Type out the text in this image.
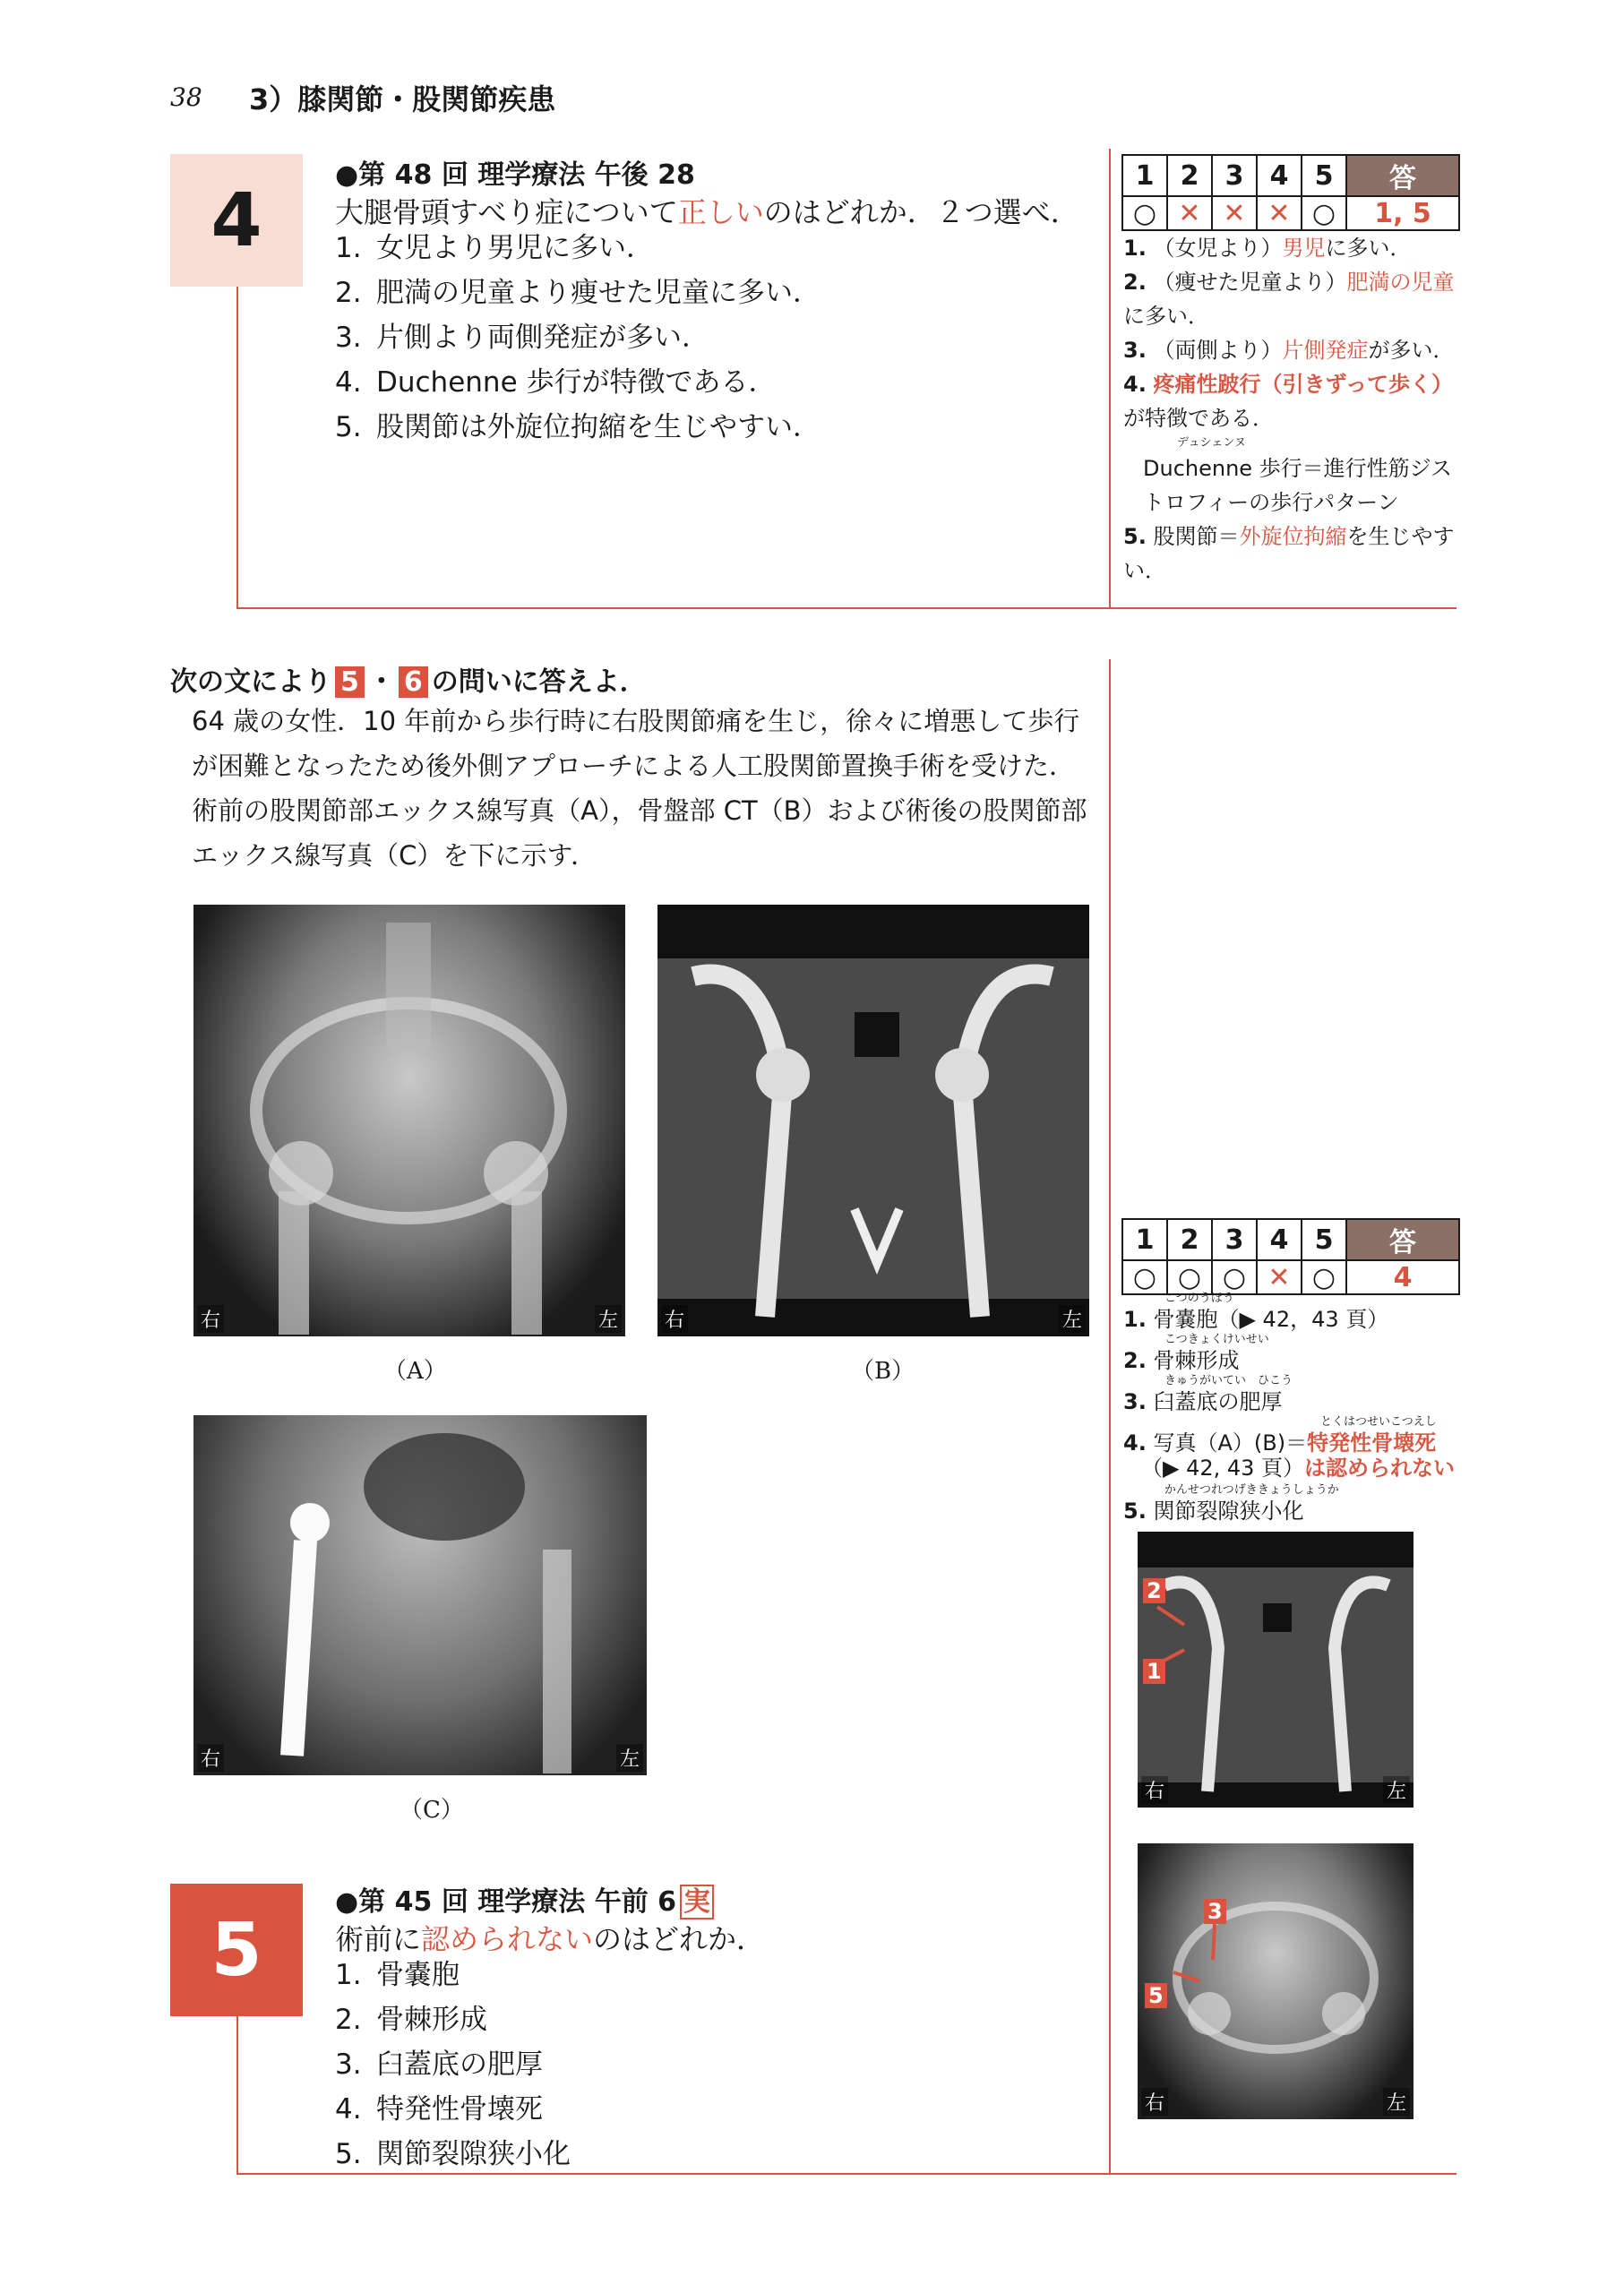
38 3）膝関節・股関節疾患
4
●第 48 回 理学療法 午後 28
大腿骨頭すべり症について正しいのはどれか．２つ選べ．
1. 女児より男児に多い．
2. 肥満の児童より痩せた児童に多い．
3. 片側より両側発症が多い．
4. Duchenne 歩行が特徴である．
5. 股関節は外旋位拘縮を生じやすい．
1	2	3	4	5	答
○	✕	✕	✕	○	1, 5
1. （女児より）男児に多い．
2. （痩せた児童より）肥満の児童に多い．
3. （両側より）片側発症が多い．
4. 疼痛性跛行（引きずって歩く）が特徴である．
デュシェンヌ
Duchenne 歩行＝進行性筋ジストロフィーの歩行パターン
5. 股関節＝外旋位拘縮を生じやすい．
次の文により 5 ・ 6 の問いに答えよ．
64 歳の女性．10 年前から歩行時に右股関節痛を生じ，徐々に増悪して歩行が困難となったため後外側アプローチによる人工股関節置換手術を受けた．術前の股関節部エックス線写真（A），骨盤部 CT（B）および術後の股関節部エックス線写真（C）を下に示す．
右	左
（A）
右	左
（B）
右	左
（C）
5
●第 45 回 理学療法 午前 6 実
術前に認められないのはどれか．
1. 骨嚢胞
2. 骨棘形成
3. 臼蓋底の肥厚
4. 特発性骨壊死
5. 関節裂隙狭小化
1	2	3	4	5	答
○	○	○	✕	○	4
こつのうほう
1. 骨嚢胞（▶ 42，43 頁）
こつきょくけいせい
2. 骨棘形成
きゅうがいてい　ひこう
3. 臼蓋底の肥厚
とくはつせいこつえし
4. 写真（A）(B)＝特発性骨壊死
（▶ 42, 43 頁）は認められない
かんせつれつげききょうしょうか
5. 関節裂隙狭小化
2
1
右	左
3
5
右	左
